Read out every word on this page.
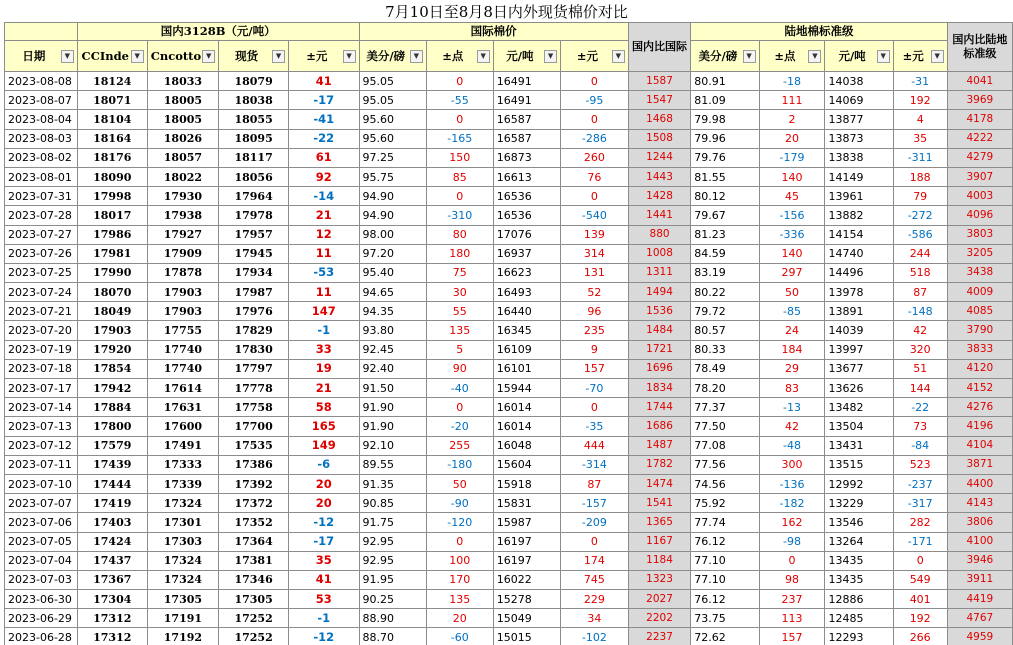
7月10日至8月8日内外现货棉价对比
	国内3128B（元/吨）				国际棉价				国内比国际	陆地棉标准级				国内比陆地标准级

日期 ▼	CCInde ▼	Cncotto ▼	现货 ▼	±元 ▼	美分/磅 ▼	±点 ▼	元/吨 ▼	±元 ▼		美分/磅 ▼	±点 ▼	元/吨 ▼	±元 ▼	

2023-08-08	18124	18033	18079	41	95.05	0	16491	0	1587	80.91	-18	14038	-31	4041
2023-08-07	18071	18005	18038	-17	95.05	-55	16491	-95	1547	81.09	111	14069	192	3969
2023-08-04	18104	18005	18055	-41	95.60	0	16587	0	1468	79.98	2	13877	4	4178
2023-08-03	18164	18026	18095	-22	95.60	-165	16587	-286	1508	79.96	20	13873	35	4222
2023-08-02	18176	18057	18117	61	97.25	150	16873	260	1244	79.76	-179	13838	-311	4279
2023-08-01	18090	18022	18056	92	95.75	85	16613	76	1443	81.55	140	14149	188	3907
2023-07-31	17998	17930	17964	-14	94.90	0	16536	0	1428	80.12	45	13961	79	4003
2023-07-28	18017	17938	17978	21	94.90	-310	16536	-540	1441	79.67	-156	13882	-272	4096
2023-07-27	17986	17927	17957	12	98.00	80	17076	139	880	81.23	-336	14154	-586	3803
2023-07-26	17981	17909	17945	11	97.20	180	16937	314	1008	84.59	140	14740	244	3205
2023-07-25	17990	17878	17934	-53	95.40	75	16623	131	1311	83.19	297	14496	518	3438
2023-07-24	18070	17903	17987	11	94.65	30	16493	52	1494	80.22	50	13978	87	4009
2023-07-21	18049	17903	17976	147	94.35	55	16440	96	1536	79.72	-85	13891	-148	4085
2023-07-20	17903	17755	17829	-1	93.80	135	16345	235	1484	80.57	24	14039	42	3790
2023-07-19	17920	17740	17830	33	92.45	5	16109	9	1721	80.33	184	13997	320	3833
2023-07-18	17854	17740	17797	19	92.40	90	16101	157	1696	78.49	29	13677	51	4120
2023-07-17	17942	17614	17778	21	91.50	-40	15944	-70	1834	78.20	83	13626	144	4152
2023-07-14	17884	17631	17758	58	91.90	0	16014	0	1744	77.37	-13	13482	-22	4276
2023-07-13	17800	17600	17700	165	91.90	-20	16014	-35	1686	77.50	42	13504	73	4196
2023-07-12	17579	17491	17535	149	92.10	255	16048	444	1487	77.08	-48	13431	-84	4104
2023-07-11	17439	17333	17386	-6	89.55	-180	15604	-314	1782	77.56	300	13515	523	3871
2023-07-10	17444	17339	17392	20	91.35	50	15918	87	1474	74.56	-136	12992	-237	4400
2023-07-07	17419	17324	17372	20	90.85	-90	15831	-157	1541	75.92	-182	13229	-317	4143
2023-07-06	17403	17301	17352	-12	91.75	-120	15987	-209	1365	77.74	162	13546	282	3806
2023-07-05	17424	17303	17364	-17	92.95	0	16197	0	1167	76.12	-98	13264	-171	4100
2023-07-04	17437	17324	17381	35	92.95	100	16197	174	1184	77.10	0	13435	0	3946
2023-07-03	17367	17324	17346	41	91.95	170	16022	745	1323	77.10	98	13435	549	3911
2023-06-30	17304	17305	17305	53	90.25	135	15278	229	2027	76.12	237	12886	401	4419
2023-06-29	17312	17191	17252	-1	88.90	20	15049	34	2202	73.75	113	12485	192	4767
2023-06-28	17312	17192	17252	-12	88.70	-60	15015	-102	2237	72.62	157	12293	266	4959
